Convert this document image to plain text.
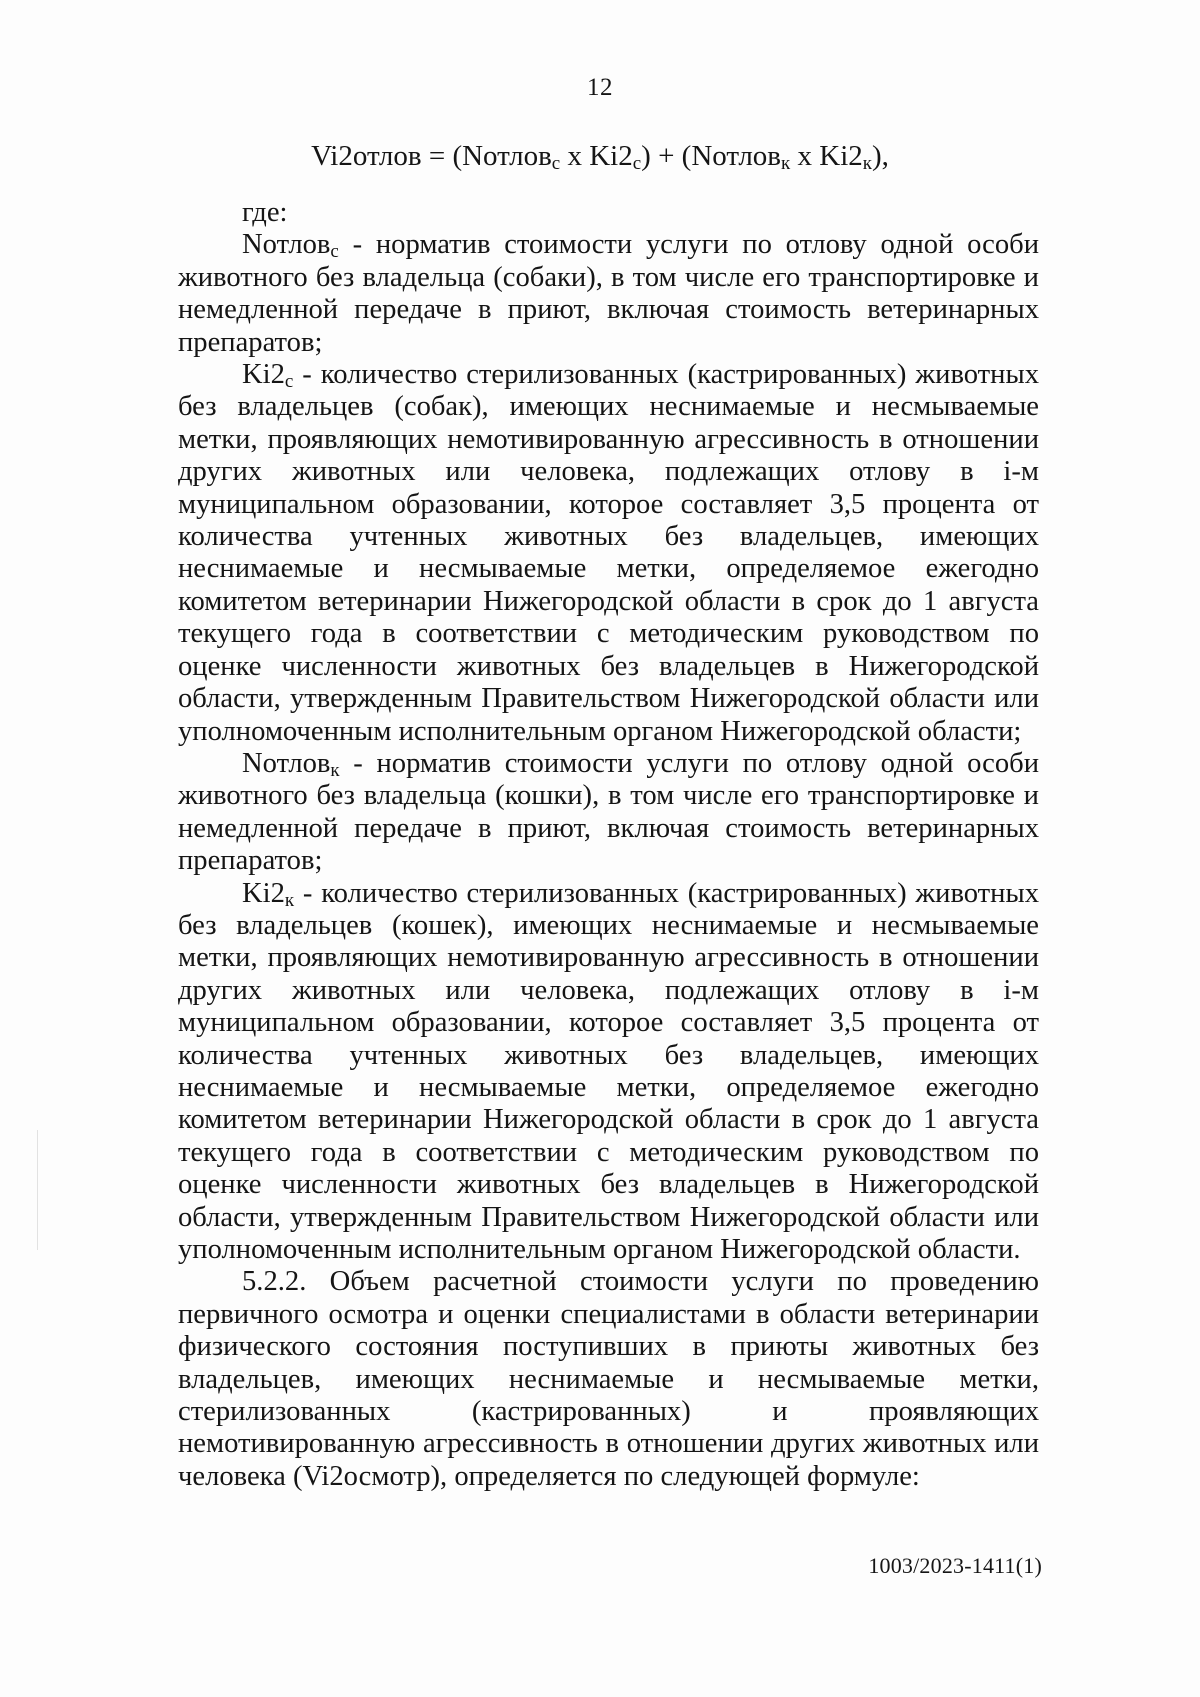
12
Vi2отлов = (Nотлов$_с$ x $Ki2_с$) + (Nотлов$_к$ x $Ki2_к$),

где:

Nотлов$_с$ - норматив стоимости услуги по отлову одной особи животного без владельца (собаки), в том числе его транспортировке и немедленной передаче в приют, включая стоимость ветеринарных препаратов;

$Ki2_с$ - количество стерилизованных (кастрированных) животных без владельцев (собак), имеющих неснимаемые и несмываемые метки, проявляющих немотивированную агрессивность в отношении других животных или человека, подлежащих отлову в i-м муниципальном образовании, которое составляет 3,5 процента от количества учтенных животных без владельцев, имеющих неснимаемые и несмываемые метки, определяемое ежегодно комитетом ветеринарии Нижегородской области в срок до 1 августа текущего года в соответствии с методическим руководством по оценке численности животных без владельцев в Нижегородской области, утвержденным Правительством Нижегородской области или уполномоченным исполнительным органом Нижегородской области;

Nотлов$_к$ - норматив стоимости услуги по отлову одной особи животного без владельца (кошки), в том числе его транспортировке и немедленной передаче в приют, включая стоимость ветеринарных препаратов;

$Ki2_к$ - количество стерилизованных (кастрированных) животных без владельцев (кошек), имеющих неснимаемые и несмываемые метки, проявляющих немотивированную агрессивность в отношении других животных или человека, подлежащих отлову в i-м муниципальном образовании, которое составляет 3,5 процента от количества учтенных животных без владельцев, имеющих неснимаемые и несмываемые метки, определяемое ежегодно комитетом ветеринарии Нижегородской области в срок до 1 августа текущего года в соответствии с методическим руководством по оценке численности животных без владельцев в Нижегородской области, утвержденным Правительством Нижегородской области или уполномоченным исполнительным органом Нижегородской области.

5.2.2. Объем расчетной стоимости услуги по проведению первичного осмотра и оценки специалистами в области ветеринарии физического состояния поступивших в приюты животных без владельцев, имеющих неснимаемые и несмываемые метки, стерилизованных (кастрированных) и проявляющих немотивированную агрессивность в отношении других животных или человека (Vi2осмотр), определяется по следующей формуле:

1003/2023-1411(1)
